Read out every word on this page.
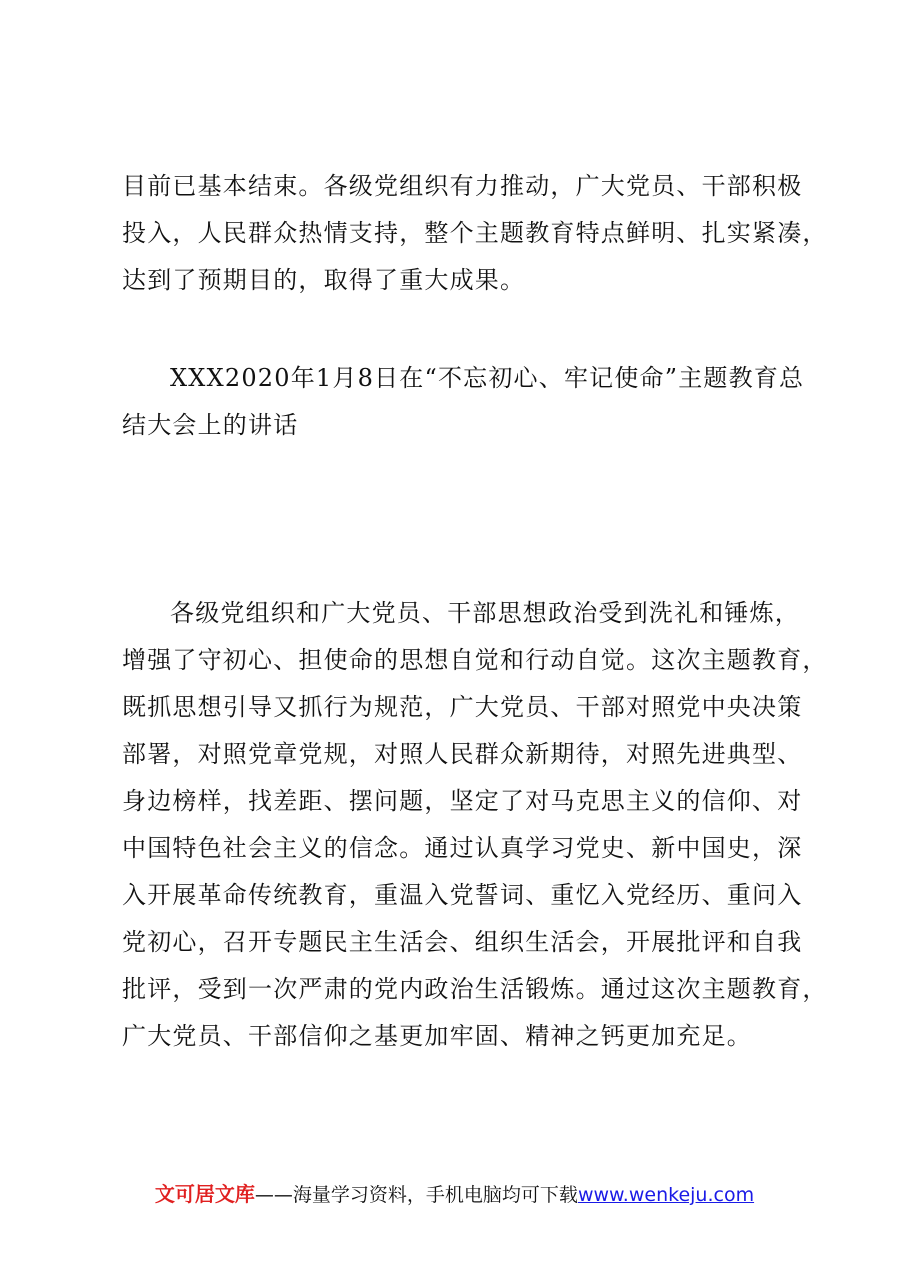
目前已基本结束。各级党组织有力推动，广大党员、干部积极
投入，人民群众热情支持，整个主题教育特点鲜明、扎实紧凑，
达到了预期目的，取得了重大成果。

XXX2020年1月8日在“不忘初心、牢记使命”主题教育总
结大会上的讲话

各级党组织和广大党员、干部思想政治受到洗礼和锤炼，
增强了守初心、担使命的思想自觉和行动自觉。这次主题教育，
既抓思想引导又抓行为规范，广大党员、干部对照党中央决策
部署，对照党章党规，对照人民群众新期待，对照先进典型、
身边榜样，找差距、摆问题，坚定了对马克思主义的信仰、对
中国特色社会主义的信念。通过认真学习党史、新中国史，深
入开展革命传统教育，重温入党誓词、重忆入党经历、重问入
党初心，召开专题民主生活会、组织生活会，开展批评和自我
批评，受到一次严肃的党内政治生活锻炼。通过这次主题教育，
广大党员、干部信仰之基更加牢固、精神之钙更加充足。

文可居文库——海量学习资料，手机电脑均可下载www.wenkeju.com
